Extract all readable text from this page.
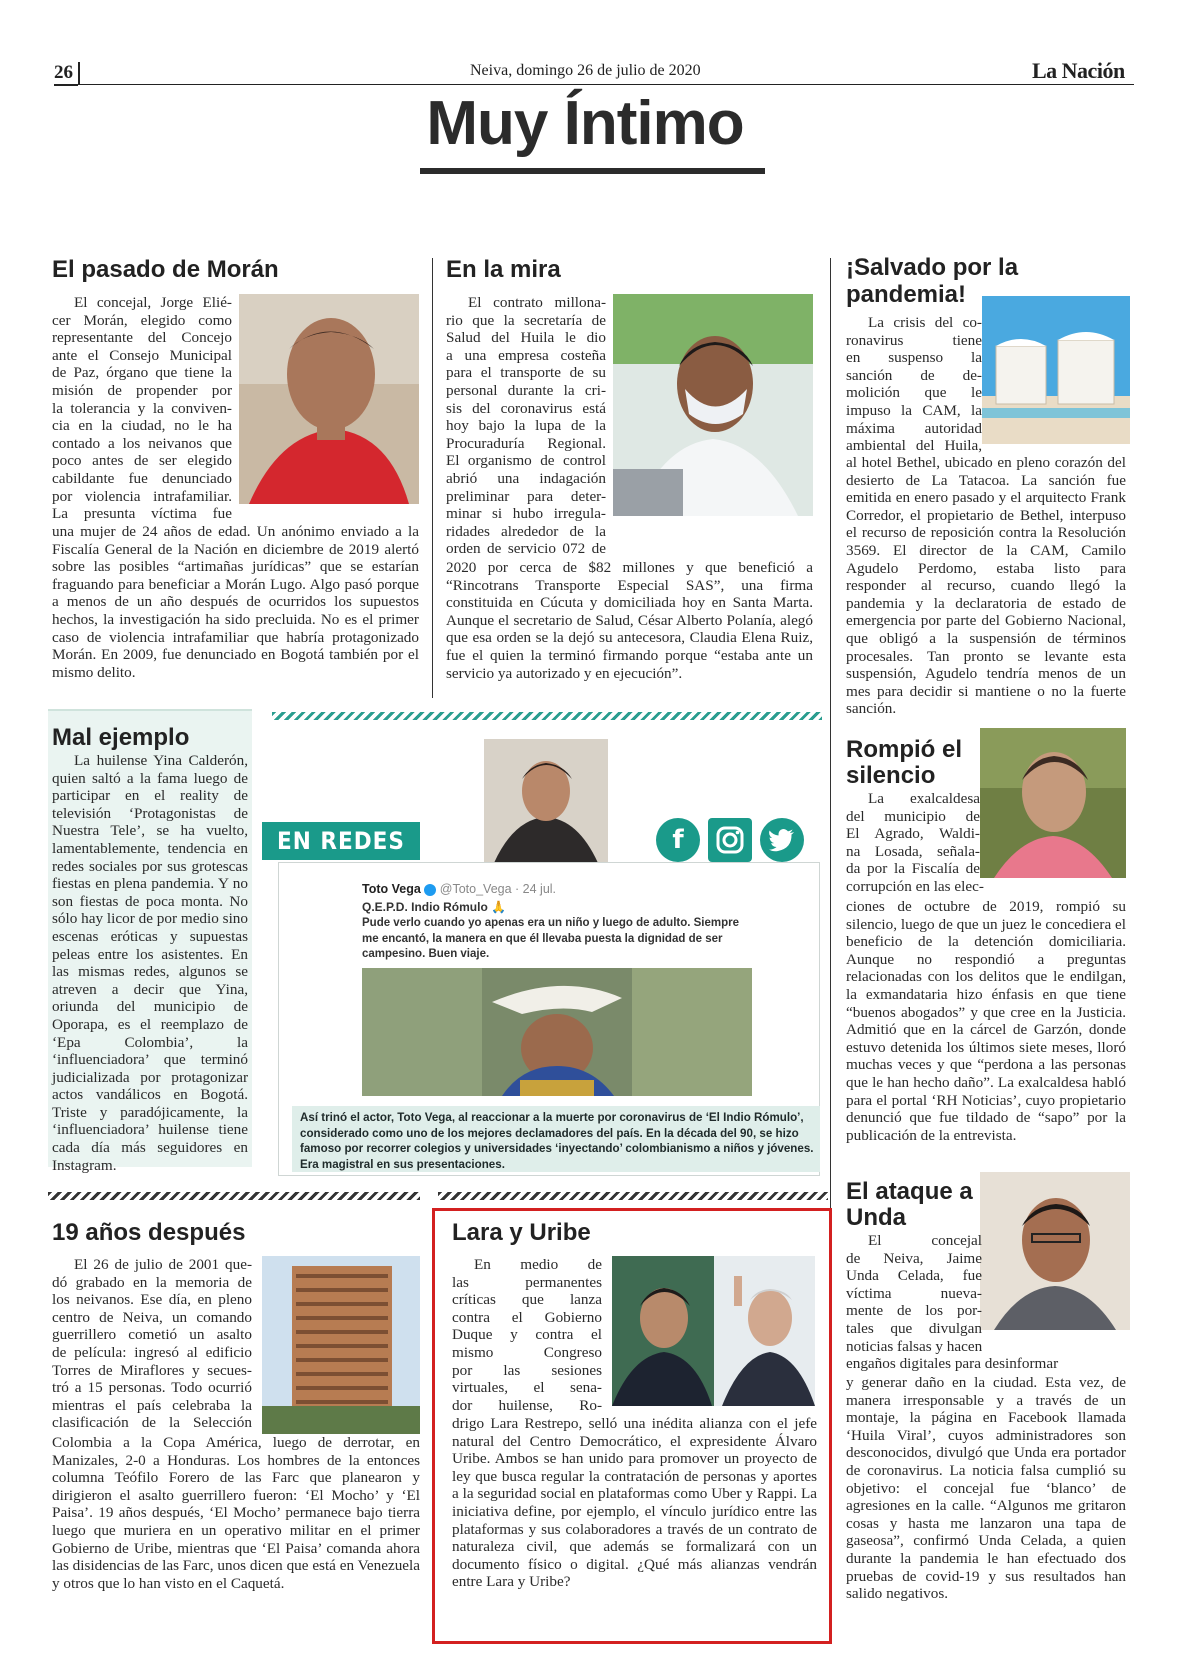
26	Neiva, domingo 26 de julio de 2020	La Nación
Muy Íntimo
El pasado de Morán
El concejal, Jorge Elié-
cer Morán, elegido como
representante del Concejo
ante el Consejo Municipal
de Paz, órgano que tiene la
misión de propender por
la tolerancia y la conviven-
cia en la ciudad, no le ha
contado a los neivanos que
poco antes de ser elegido
cabildante fue denunciado
por violencia intrafamiliar.
La presunta víctima fue

una mujer de 24 años de edad. Un anónimo enviado a la Fiscalía General de la Nación en diciembre de 2019 alertó sobre las posibles “artimañas jurídicas” que se estarían fraguando para beneficiar a Morán Lugo. Algo pasó porque a menos de un año después de ocurridos los supuestos hechos, la investigación ha sido precluida. No es el primer caso de violencia intrafamiliar que habría protagonizado Morán. En 2009, fue denunciado en Bogotá también por el mismo delito.

En la mira
El contrato millona-
rio que la secretaría de
Salud del Huila le dio
a una empresa costeña
para el transporte de su
personal durante la cri-
sis del coronavirus está
hoy bajo la lupa de la
Procuraduría Regional.
El organismo de control
abrió una indagación
preliminar para deter-
minar si hubo irregula-
ridades alrededor de la
orden de servicio 072 de

2020 por cerca de $82 millones y que benefició a “Rincotrans Transporte Especial SAS”, una firma constituida en Cúcuta y domiciliada hoy en Santa Marta. Aunque el secretario de Salud, César Alberto Polanía, alegó que esa orden se la dejó su antecesora, Claudia Elena Ruiz, fue el quien la terminó firmando porque “estaba ante un servicio ya autorizado y en ejecución”.

¡Salvado por la pandemia!
La crisis del co-
ronavirus tiene
en suspenso la
sanción de de-
molición que le
impuso la CAM, la
máxima autoridad
ambiental del Huila,

al hotel Bethel, ubicado en pleno corazón del desierto de La Tatacoa. La sanción fue emitida en enero pasado y el arquitecto Frank Corredor, el propietario de Bethel, interpuso el recurso de reposición contra la Resolución 3569. El director de la CAM, Camilo Agudelo Perdomo, estaba listo para responder al recurso, cuando llegó la pandemia y la declaratoria de estado de emergencia por parte del Gobierno Nacional, que obligó a la suspensión de términos procesales. Tan pronto se levante esta suspensión, Agudelo tendría menos de un mes para decidir si mantiene o no la fuerte sanción.

Mal ejemplo

La huilense Yina Calderón, quien saltó a la fama luego de participar en el reality de televisión ‘Protagonistas de Nuestra Tele’, se ha vuelto, lamentablemente, tendencia en redes sociales por sus grotescas fiestas en plena pandemia. Y no son fiestas de poca monta. No sólo hay licor de por medio sino escenas eróticas y supuestas peleas entre los asistentes. En las mismas redes, algunos se atreven a decir que Yina, oriunda del municipio de Oporapa, es el reemplazo de ‘Epa Colombia’, la ‘influenciadora’ que terminó judicializada por protagonizar actos vandálicos en Bogotá. Triste y paradójicamente, la ‘influenciadora’ huilense tiene cada día más seguidores en Instagram.

EN REDES	f
Toto Vega @Toto_Vega · 24 jul.
Q.E.P.D. Indio Rómulo 🙏
Pude verlo cuando yo apenas era un niño y luego de adulto. Siempre me encantó, la manera en que él llevaba puesta la dignidad de ser campesino. Buen viaje.
Así trinó el actor, Toto Vega, al reaccionar a la muerte por coronavirus de ‘El Indio Rómulo’, considerado como uno de los mejores declamadores del país. En la década del 90, se hizo famoso por recorrer colegios y universidades ‘inyectando’ colombianismo a niños y jóvenes. Era magistral en sus presentaciones.
Rompió el
silencio
La exalcaldesa
del municipio de
El Agrado, Waldi-
na Losada, señala-
da por la Fiscalía de
corrupción en las elec-

ciones de octubre de 2019, rompió su silencio, luego de que un juez le concediera el beneficio de la detención domiciliaria. Aunque no respondió a preguntas relacionadas con los delitos que le endilgan, la exmandataria hizo énfasis en que tiene “buenos abogados” y que cree en la Justicia. Admitió que en la cárcel de Garzón, donde estuvo detenida los últimos siete meses, lloró muchas veces y que “perdona a las personas que le han hecho daño”. La exalcaldesa habló para el portal ‘RH Noticias’, cuyo propietario denunció que fue tildado de “sapo” por la publicación de la entrevista.

19 años después
El 26 de julio de 2001 que-
dó grabado en la memoria de
los neivanos. Ese día, en pleno
centro de Neiva, un comando
guerrillero cometió un asalto
de película: ingresó al edificio
Torres de Miraflores y secues-
tró a 15 personas. Todo ocurrió
mientras el país celebraba la
clasificación de la Selección

Colombia a la Copa América, luego de derrotar, en Manizales, 2-0 a Honduras. Los hombres de la entonces columna Teófilo Forero de las Farc que planearon y dirigieron el asalto guerrillero fueron: ‘El Mocho’ y ‘El Paisa’. 19 años después, ‘El Mocho’ permanece bajo tierra luego que muriera en un operativo militar en el primer Gobierno de Uribe, mientras que ‘El Paisa’ comanda ahora las disidencias de las Farc, unos dicen que está en Venezuela y otros que lo han visto en el Caquetá.

Lara y Uribe
En medio de
las permanentes
críticas que lanza
contra el Gobierno
Duque y contra el
mismo Congreso
por las sesiones
virtuales, el sena-
dor huilense, Ro-

drigo Lara Restrepo, selló una inédita alianza con el jefe natural del Centro Democrático, el expresidente Álvaro Uribe. Ambos se han unido para promover un proyecto de ley que busca regular la contratación de personas y aportes a la seguridad social en plataformas como Uber y Rappi. La iniciativa define, por ejemplo, el vínculo jurídico entre las plataformas y sus colaboradores a través de un contrato de naturaleza civil, que además se formalizará con un documento físico o digital. ¿Qué más alianzas vendrán entre Lara y Uribe?

El ataque a
Unda
El concejal
de Neiva, Jaime
Unda Celada, fue
víctima nueva-
mente de los por-
tales que divulgan
noticias falsas y hacen
engaños digitales para desinformar

y generar daño en la ciudad. Esta vez, de manera irresponsable y a través de un montaje, la página en Facebook llamada ‘Huila Viral’, cuyos administradores son desconocidos, divulgó que Unda era portador de coronavirus. La noticia falsa cumplió su objetivo: el concejal fue ‘blanco’ de agresiones en la calle. “Algunos me gritaron cosas y hasta me lanzaron una tapa de gaseosa”, confirmó Unda Celada, a quien durante la pandemia le han efectuado dos pruebas de covid-19 y sus resultados han salido negativos.
